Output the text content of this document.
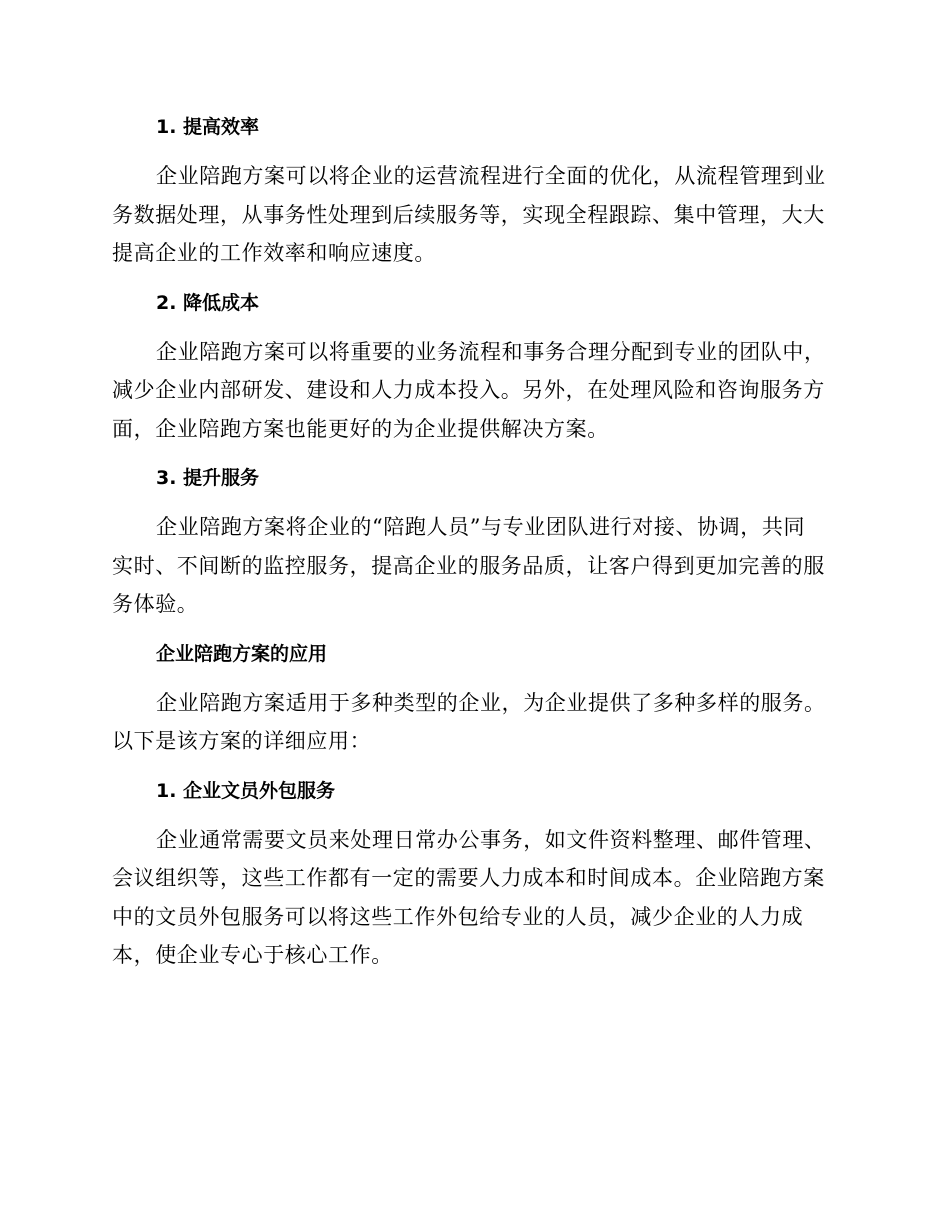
1. 提高效率

企业陪跑方案可以将企业的运营流程进行全面的优化，从流程管理到业
务数据处理，从事务性处理到后续服务等，实现全程跟踪、集中管理，大大
提高企业的工作效率和响应速度。

2. 降低成本

企业陪跑方案可以将重要的业务流程和事务合理分配到专业的团队中，
减少企业内部研发、建设和人力成本投入。另外，在处理风险和咨询服务方
面，企业陪跑方案也能更好的为企业提供解决方案。

3. 提升服务

企业陪跑方案将企业的“陪跑人员”与专业团队进行对接、协调，共同
实时、不间断的监控服务，提高企业的服务品质，让客户得到更加完善的服
务体验。

企业陪跑方案的应用

企业陪跑方案适用于多种类型的企业，为企业提供了多种多样的服务。
以下是该方案的详细应用：

1. 企业文员外包服务

企业通常需要文员来处理日常办公事务，如文件资料整理、邮件管理、
会议组织等，这些工作都有一定的需要人力成本和时间成本。企业陪跑方案
中的文员外包服务可以将这些工作外包给专业的人员，减少企业的人力成
本，使企业专心于核心工作。
